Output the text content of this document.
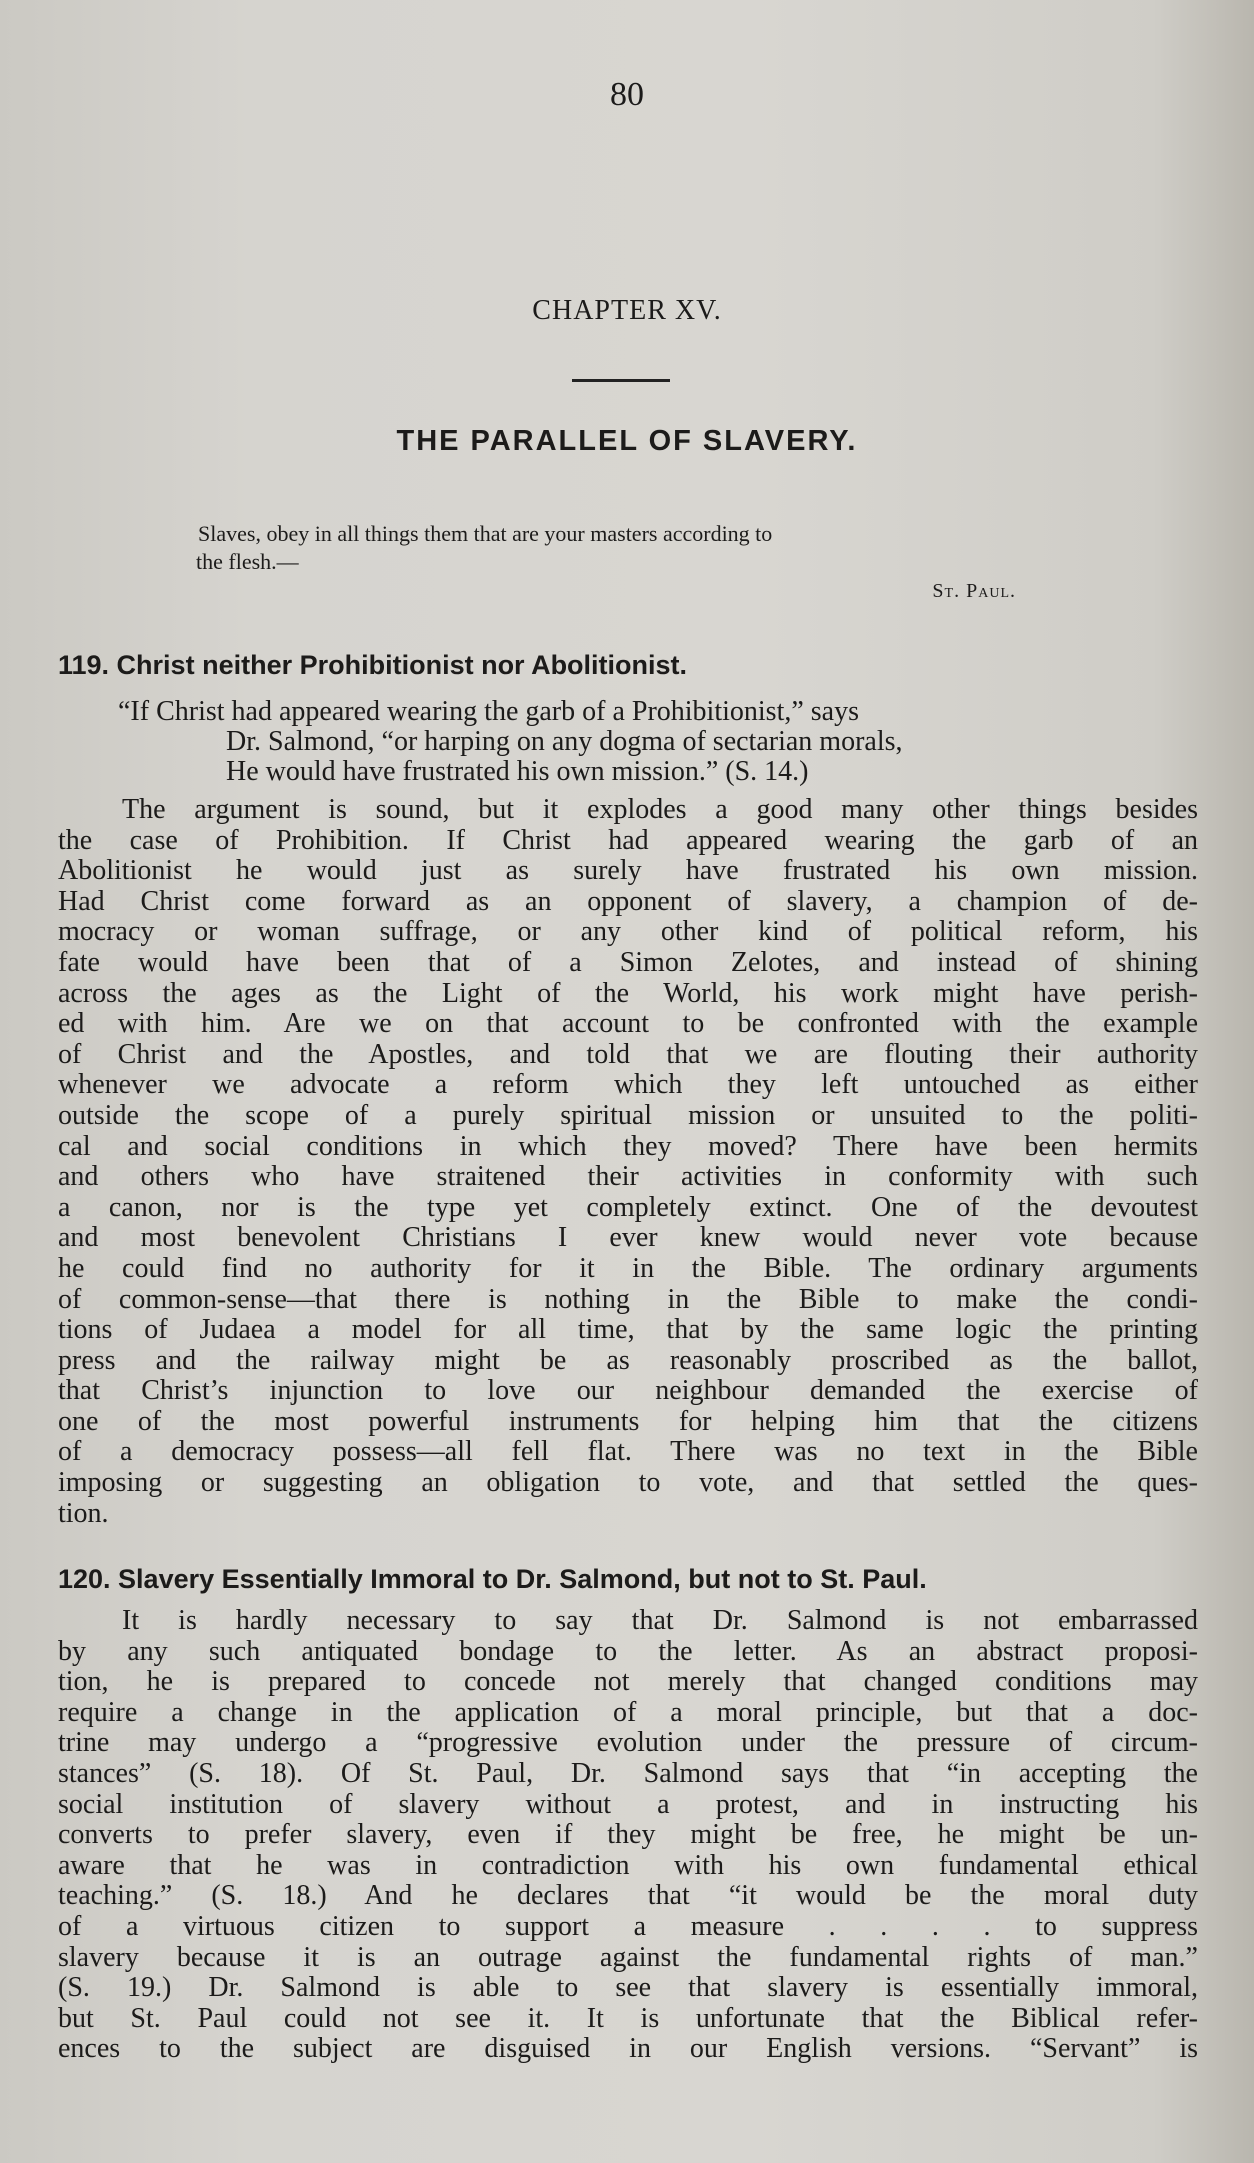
80
CHAPTER XV.
THE PARALLEL OF SLAVERY.
Slaves, obey in all things them that are your masters according to
the flesh.—
St. Paul.
119. Christ neither Prohibitionist nor Abolitionist.
“If Christ had appeared wearing the garb of a Prohibitionist,” says
Dr. Salmond, “or harping on any dogma of sectarian morals,
He would have frustrated his own mission.” (S. 14.)
The argument is sound, but it explodes a good many other things besides
the case of Prohibition. If Christ had appeared wearing the garb of an
Abolitionist he would just as surely have frustrated his own mission.
Had Christ come forward as an opponent of slavery, a champion of de-
mocracy or woman suffrage, or any other kind of political reform, his
fate would have been that of a Simon Zelotes, and instead of shining
across the ages as the Light of the World, his work might have perish-
ed with him. Are we on that account to be confronted with the example
of Christ and the Apostles, and told that we are flouting their authority
whenever we advocate a reform which they left untouched as either
outside the scope of a purely spiritual mission or unsuited to the politi-
cal and social conditions in which they moved? There have been hermits
and others who have straitened their activities in conformity with such
a canon, nor is the type yet completely extinct. One of the devoutest
and most benevolent Christians I ever knew would never vote because
he could find no authority for it in the Bible. The ordinary arguments
of common-sense—that there is nothing in the Bible to make the condi-
tions of Judaea a model for all time, that by the same logic the printing
press and the railway might be as reasonably proscribed as the ballot,
that Christ’s injunction to love our neighbour demanded the exercise of
one of the most powerful instruments for helping him that the citizens
of a democracy possess—all fell flat. There was no text in the Bible
imposing or suggesting an obligation to vote, and that settled the ques-
tion.
120. Slavery Essentially Immoral to Dr. Salmond, but not to St. Paul.
It is hardly necessary to say that Dr. Salmond is not embarrassed
by any such antiquated bondage to the letter. As an abstract proposi-
tion, he is prepared to concede not merely that changed conditions may
require a change in the application of a moral principle, but that a doc-
trine may undergo a “progressive evolution under the pressure of circum-
stances” (S. 18). Of St. Paul, Dr. Salmond says that “in accepting the
social institution of slavery without a protest, and in instructing his
converts to prefer slavery, even if they might be free, he might be un-
aware that he was in contradiction with his own fundamental ethical
teaching.” (S. 18.) And he declares that “it would be the moral duty
of a virtuous citizen to support a measure . . . . to suppress
slavery because it is an outrage against the fundamental rights of man.”
(S. 19.) Dr. Salmond is able to see that slavery is essentially immoral,
but St. Paul could not see it. It is unfortunate that the Biblical refer-
ences to the subject are disguised in our English versions. “Servant” is
